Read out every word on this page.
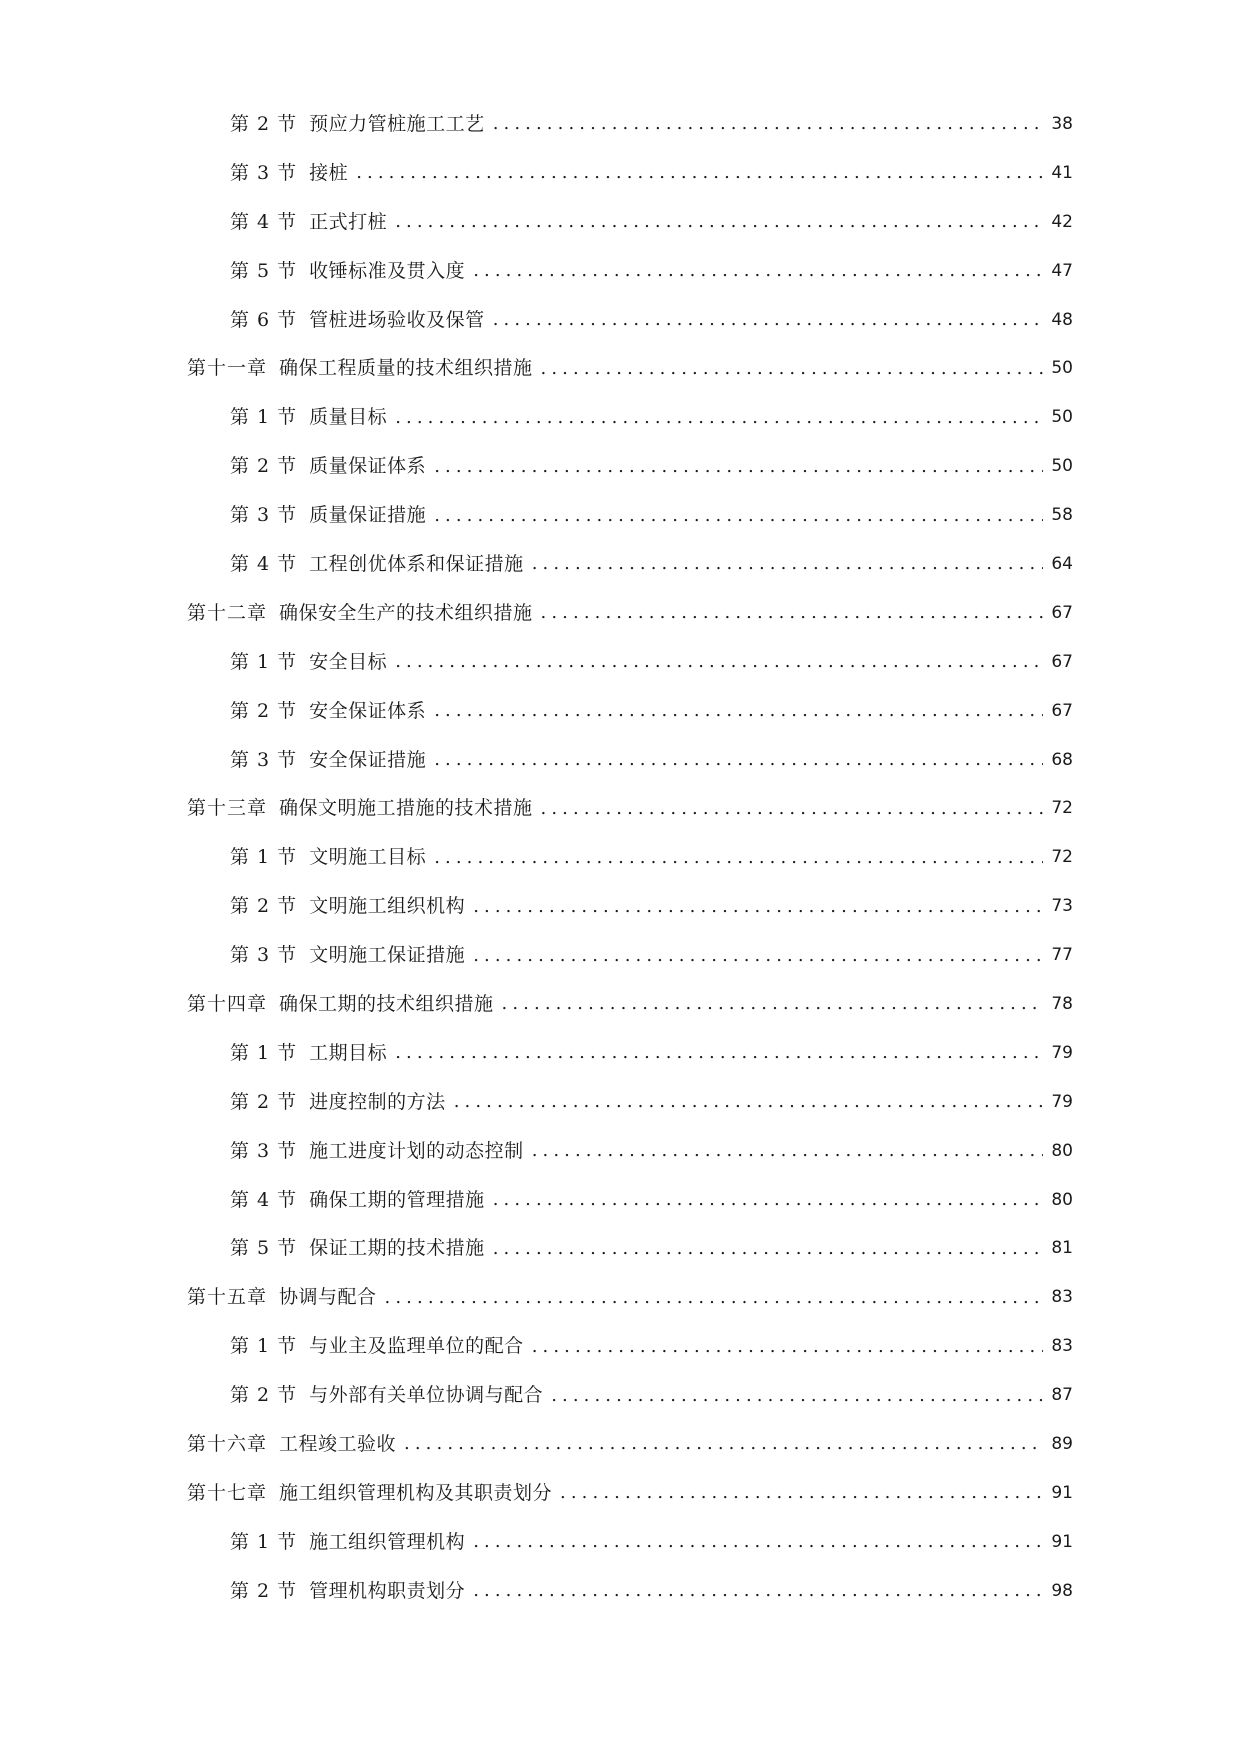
第 2 节 预应力管桩施工工艺 .....	38
第 3 节 接桩 .....	41
第 4 节 正式打桩 .....	42
第 5 节 收锤标准及贯入度 .....	47
第 6 节 管桩进场验收及保管 .....	48
第十一章 确保工程质量的技术组织措施 .....	50
第 1 节 质量目标 .....	50
第 2 节 质量保证体系 .....	50
第 3 节 质量保证措施 .....	58
第 4 节 工程创优体系和保证措施 .....	64
第十二章 确保安全生产的技术组织措施 .....	67
第 1 节 安全目标 .....	67
第 2 节 安全保证体系 .....	67
第 3 节 安全保证措施 .....	68
第十三章 确保文明施工措施的技术措施 .....	72
第 1 节 文明施工目标 .....	72
第 2 节 文明施工组织机构 .....	73
第 3 节 文明施工保证措施 .....	77
第十四章 确保工期的技术组织措施 .....	78
第 1 节 工期目标 .....	79
第 2 节 进度控制的方法 .....	79
第 3 节 施工进度计划的动态控制 .....	80
第 4 节 确保工期的管理措施 .....	80
第 5 节 保证工期的技术措施 .....	81
第十五章 协调与配合 .....	83
第 1 节 与业主及监理单位的配合 .....	83
第 2 节 与外部有关单位协调与配合 .....	87
第十六章 工程竣工验收 .....	89
第十七章 施工组织管理机构及其职责划分 .....	91
第 1 节 施工组织管理机构 .....	91
第 2 节 管理机构职责划分 .....	98
